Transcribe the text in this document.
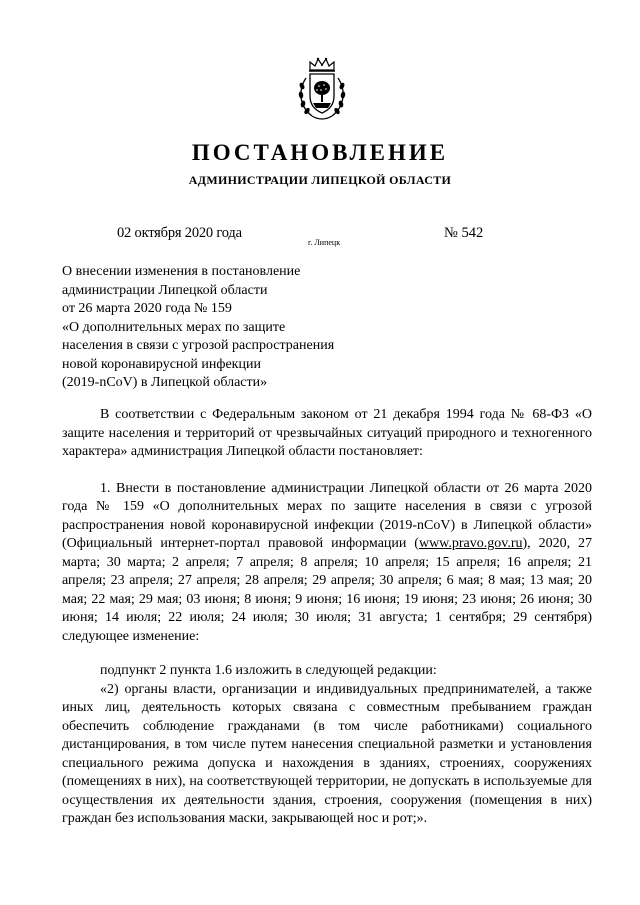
ПОСТАНОВЛЕНИЕ
АДМИНИСТРАЦИИ ЛИПЕЦКОЙ ОБЛАСТИ
02 октября 2020 года
г. Липецк
№ 542
О внесении изменения в постановление
администрации Липецкой области
от 26 марта 2020 года № 159
«О дополнительных мерах по защите
населения в связи с угрозой распространения
новой коронавирусной инфекции
(2019-nCoV) в Липецкой области»

В соответствии с Федеральным законом от 21 декабря 1994 года № 68-ФЗ «О защите населения и территорий от чрезвычайных ситуаций природного и техногенного характера» администрация Липецкой области постановляет:

1. Внести в постановление администрации Липецкой области от 26 марта 2020 года № 159 «О дополнительных мерах по защите населения в связи с угрозой распространения новой коронавирусной инфекции (2019-nCoV) в Липецкой области» (Официальный интернет-портал правовой информации (www.pravo.gov.ru), 2020, 27 марта; 30 марта; 2 апреля; 7 апреля; 8 апреля; 10 апреля; 15 апреля; 16 апреля; 21 апреля; 23 апреля; 27 апреля; 28 апреля; 29 апреля; 30 апреля; 6 мая; 8 мая; 13 мая; 20 мая; 22 мая; 29 мая; 03 июня; 8 июня; 9 июня; 16 июня; 19 июня; 23 июня; 26 июня; 30 июня; 14 июля; 22 июля; 24 июля; 30 июля; 31 августа; 1 сентября; 29 сентября) следующее изменение:

подпункт 2 пункта 1.6 изложить в следующей редакции:

«2) органы власти, организации и индивидуальных предпринимателей, а также иных лиц, деятельность которых связана с совместным пребыванием граждан обеспечить соблюдение гражданами (в том числе работниками) социального дистанцирования, в том числе путем нанесения специальной разметки и установления специального режима допуска и нахождения в зданиях, строениях, сооружениях (помещениях в них), на соответствующей территории, не допускать в используемые для осуществления их деятельности здания, строения, сооружения (помещения в них) граждан без использования маски, закрывающей нос и рот;».
